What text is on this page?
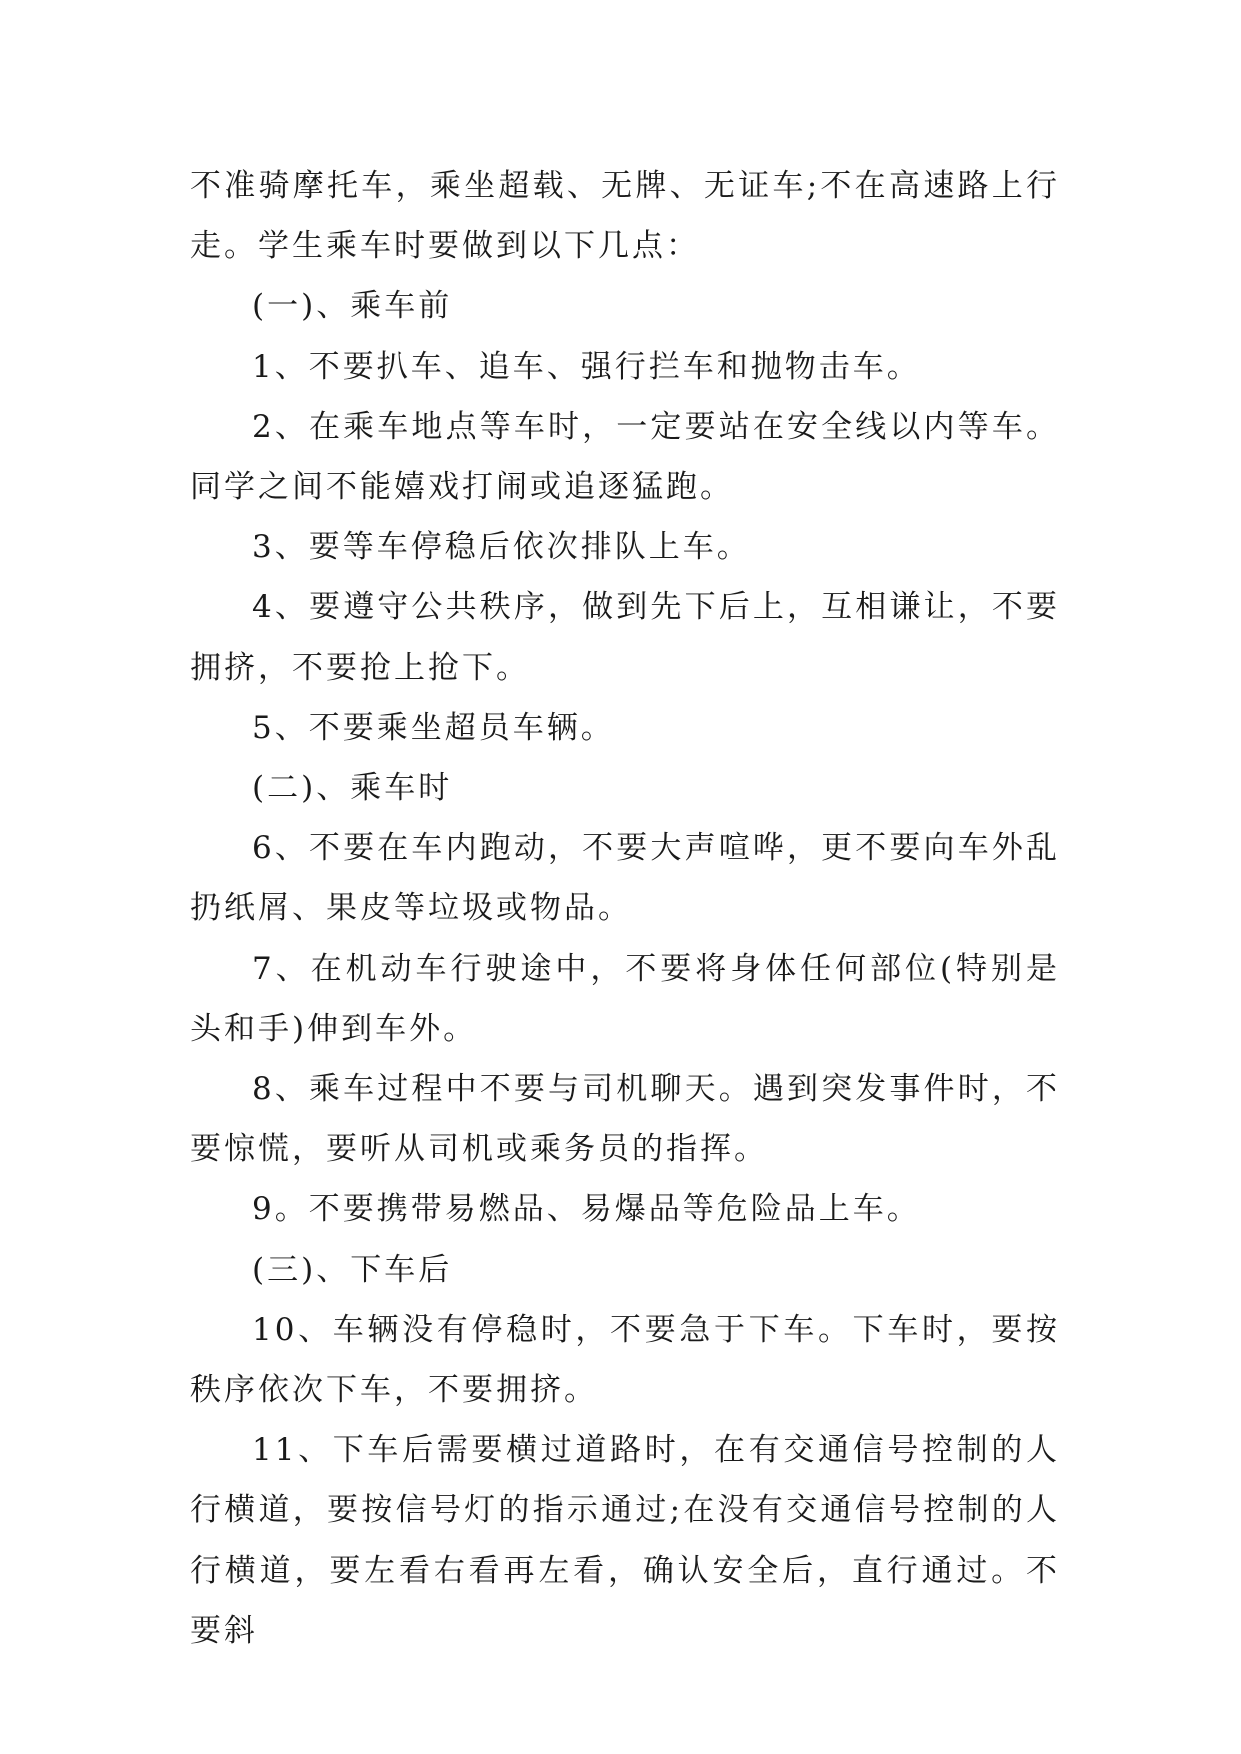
不准骑摩托车，乘坐超载、无牌、无证车;不在高速路上行走。学生乘车时要做到以下几点：

(一)、乘车前

1、不要扒车、追车、强行拦车和抛物击车。

2、在乘车地点等车时，一定要站在安全线以内等车。同学之间不能嬉戏打闹或追逐猛跑。

3、要等车停稳后依次排队上车。

4、要遵守公共秩序，做到先下后上，互相谦让，不要拥挤，不要抢上抢下。

5、不要乘坐超员车辆。

(二)、乘车时

6、不要在车内跑动，不要大声喧哗，更不要向车外乱扔纸屑、果皮等垃圾或物品。

7、在机动车行驶途中，不要将身体任何部位(特别是头和手)伸到车外。

8、乘车过程中不要与司机聊天。遇到突发事件时，不要惊慌，要听从司机或乘务员的指挥。

9。不要携带易燃品、易爆品等危险品上车。

(三)、下车后

10、车辆没有停稳时，不要急于下车。下车时，要按秩序依次下车，不要拥挤。

11、下车后需要横过道路时，在有交通信号控制的人行横道，要按信号灯的指示通过;在没有交通信号控制的人行横道，要左看右看再左看，确认安全后，直行通过。不要斜
